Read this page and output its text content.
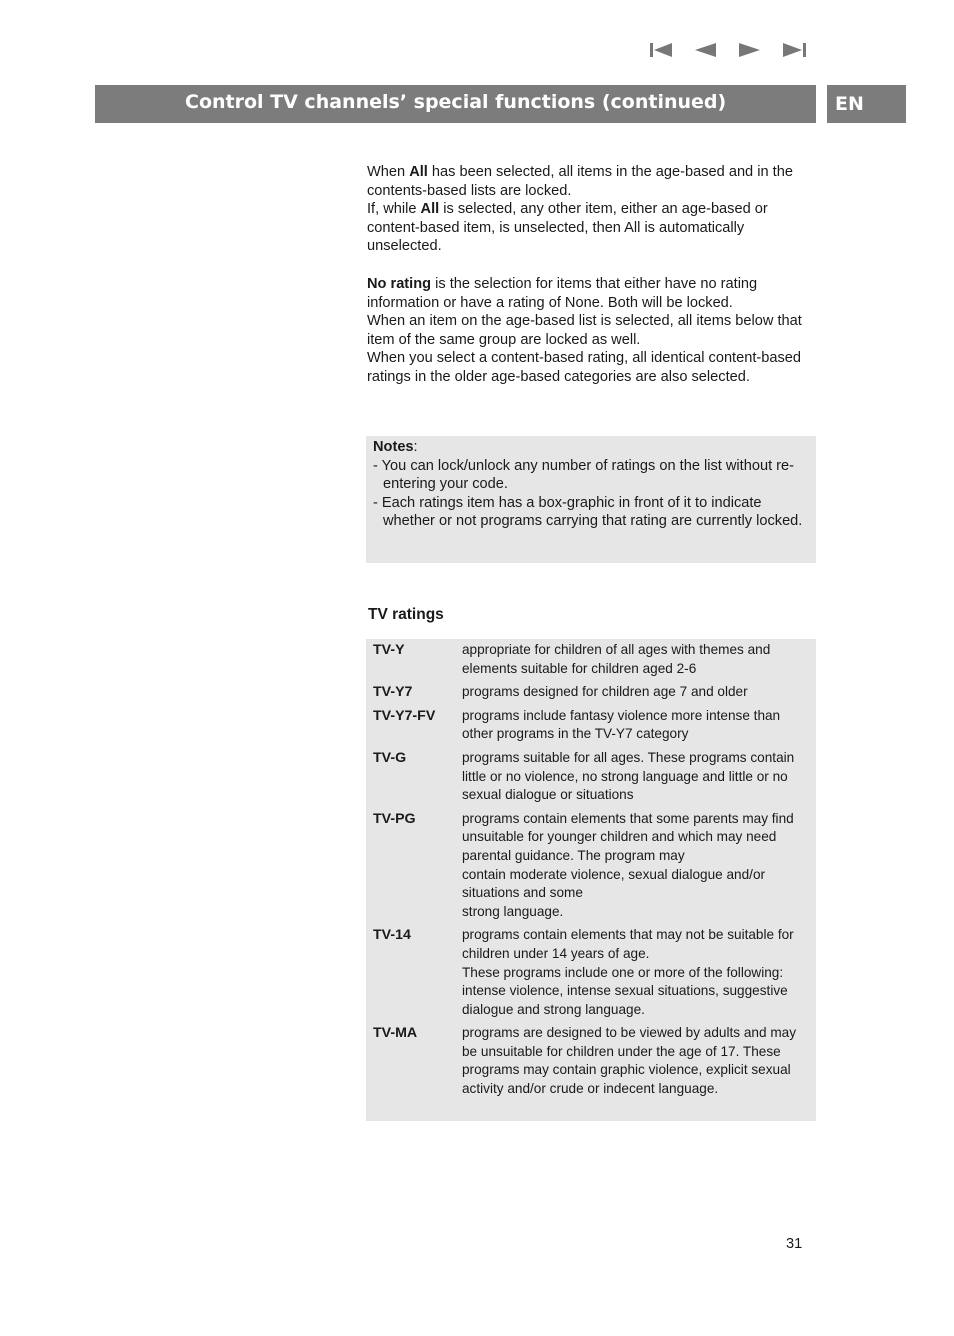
Control TV channels’ special functions (continued)	EN

When All has been selected, all items in the age-based and in the contents-based lists are locked.

If, while All is selected, any other item, either an age-based or content-based item, is unselected, then All is automatically unselected.

No rating is the selection for items that either have no rating information or have a rating of None. Both will be locked.

When an item on the age-based list is selected, all items below that item of the same group are locked as well.

When you select a content-based rating, all identical content-based ratings in the older age-based categories are also selected.

Notes:
- You can lock/unlock any number of ratings on the list without re-entering your code.
- Each ratings item has a box-graphic in front of it to indicate whether or not programs carrying that rating are currently locked.
TV ratings
TV-Y	appropriate for children of all ages with themes and elements suitable for children aged 2-6

TV-Y7	programs designed for children age 7 and older

TV-Y7-FV	programs include fantasy violence more intense than other programs in the TV-Y7 category

TV-G	programs suitable for all ages. These programs contain little or no violence, no strong language and little or no sexual dialogue or situations

TV-PG	programs contain elements that some parents may find unsuitable for younger children and which may need parental guidance. The program may

contain moderate violence, sexual dialogue and/or situations and some

strong language.

TV-14	programs contain elements that may not be suitable for children under 14 years of age.

These programs include one or more of the following: intense violence, intense sexual situations, suggestive dialogue and strong language.

TV-MA	programs are designed to be viewed by adults and may be unsuitable for children under the age of 17. These programs may contain graphic violence, explicit sexual activity and/or crude or indecent language.

31
